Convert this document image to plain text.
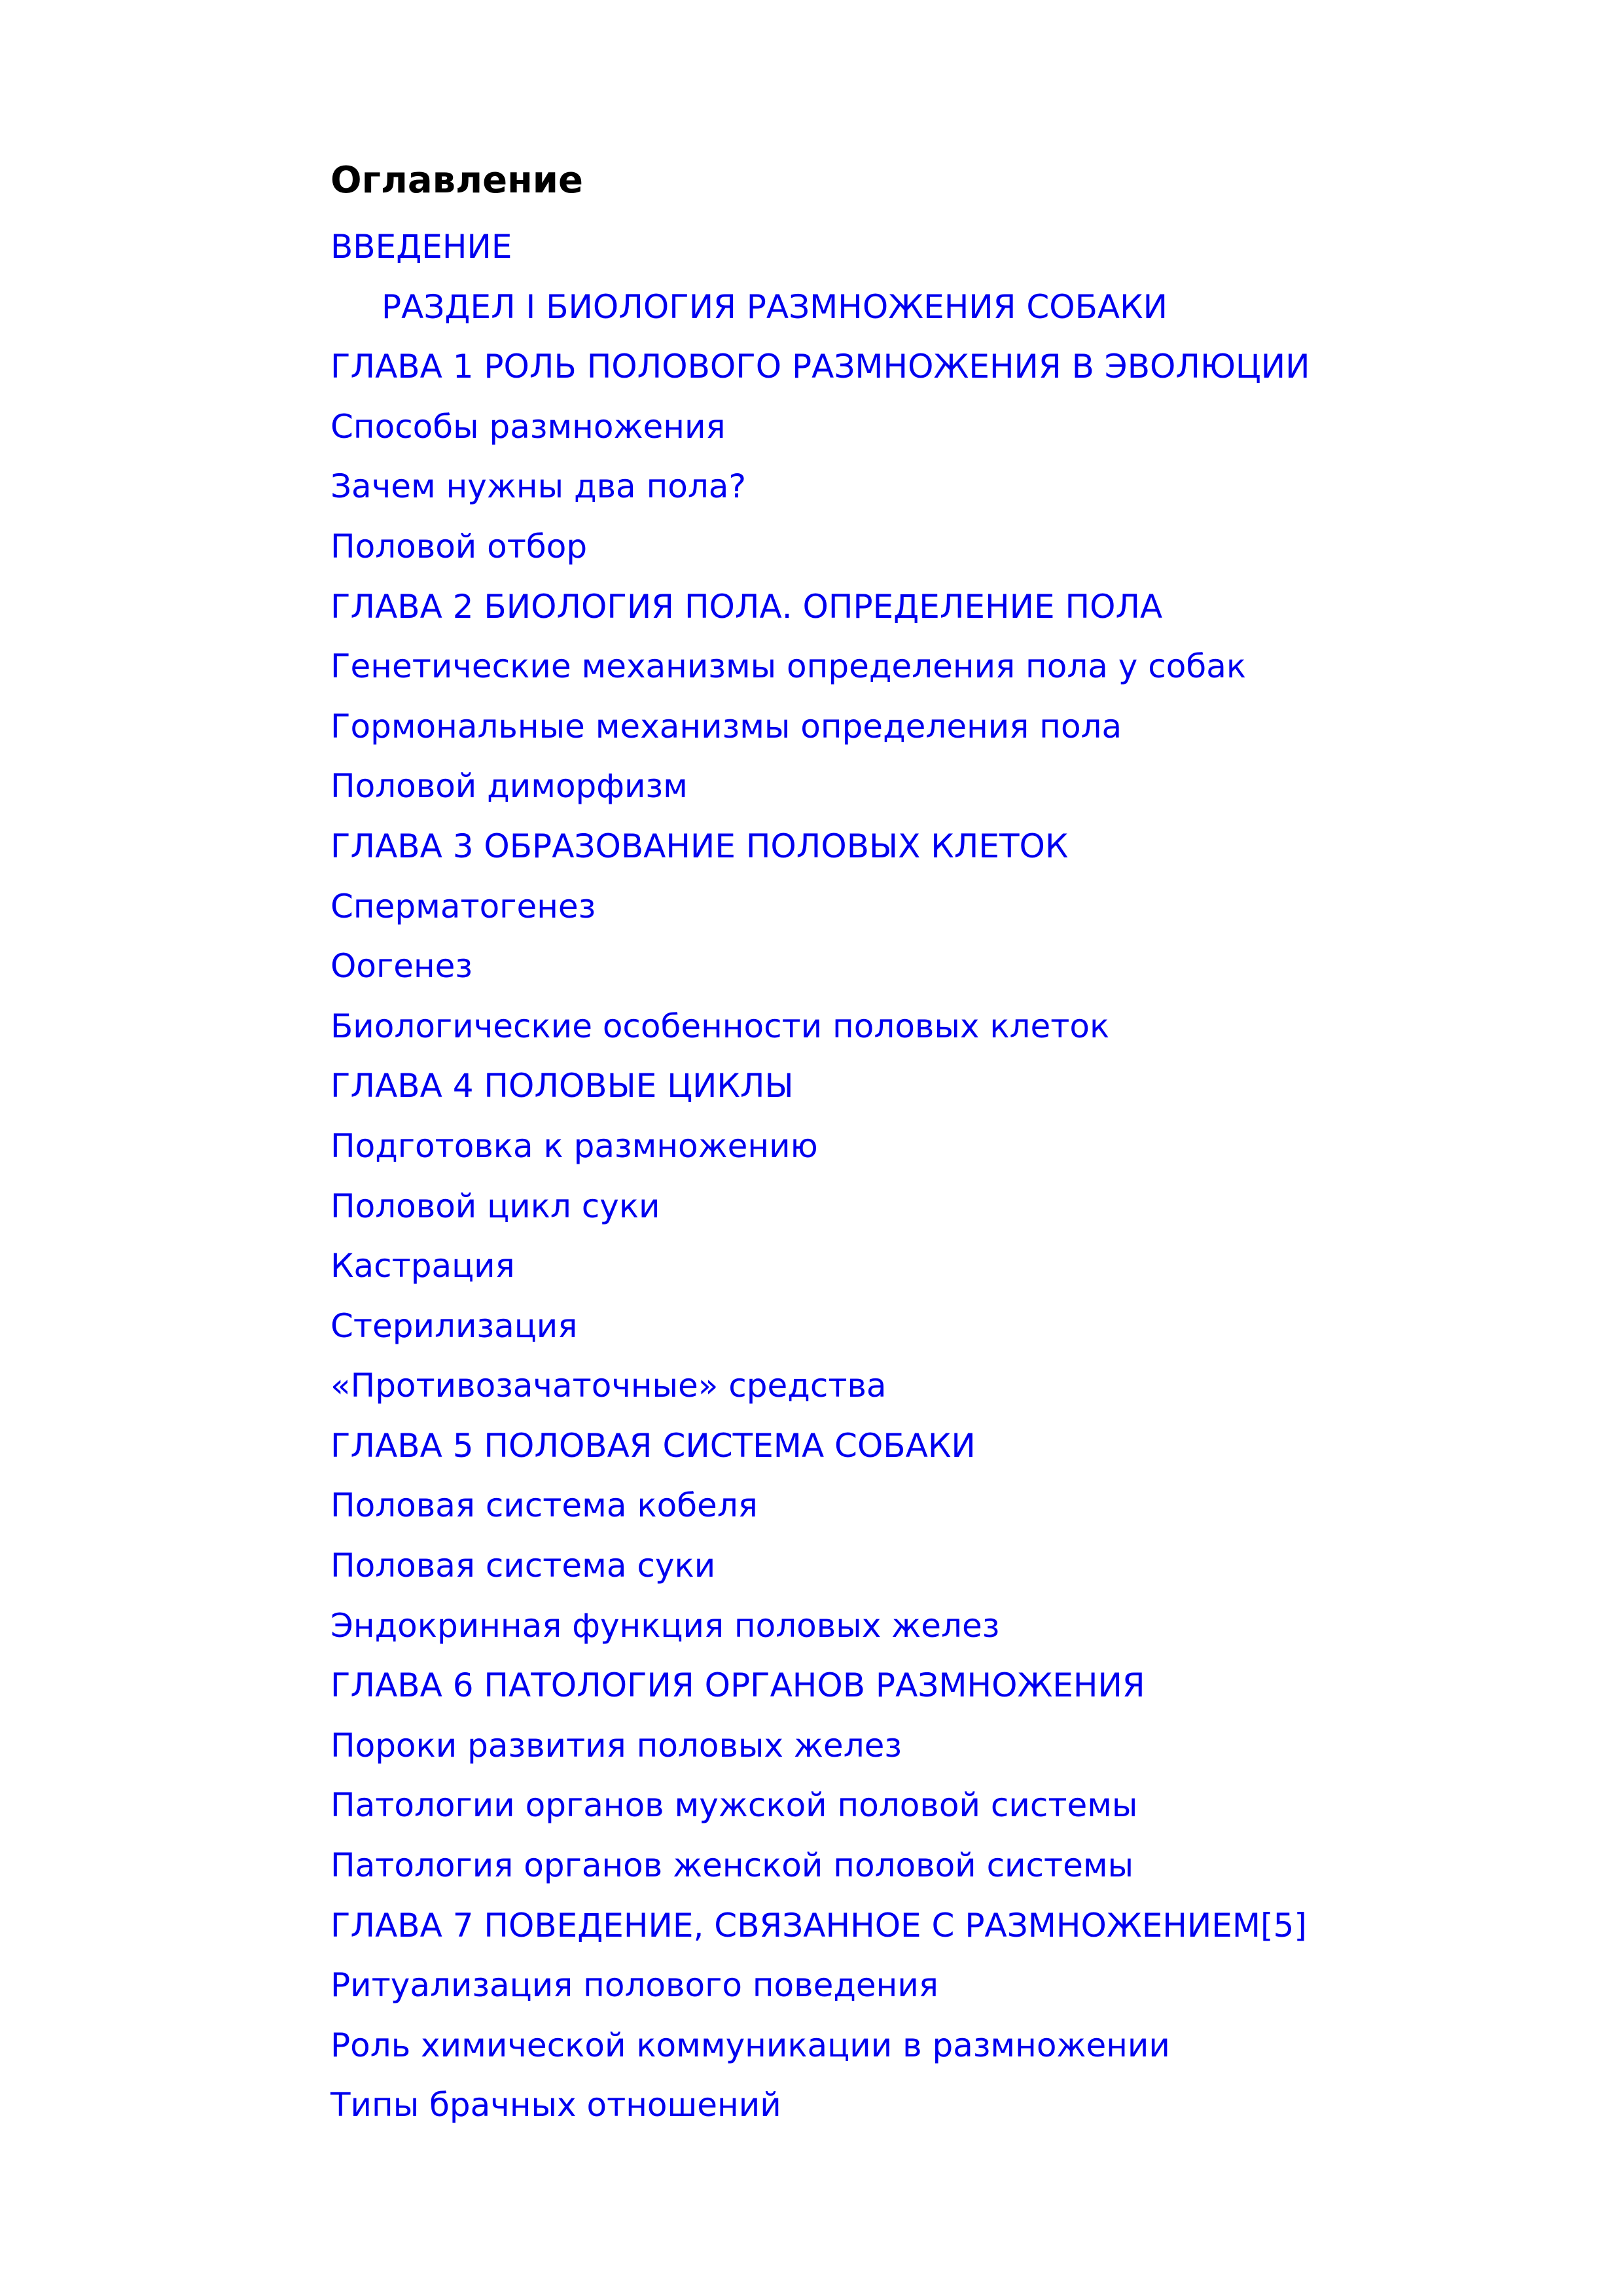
Оглавление
ВВЕДЕНИЕ
РАЗДЕЛ I БИОЛОГИЯ РАЗМНОЖЕНИЯ СОБАКИ
ГЛАВА 1 РОЛЬ ПОЛОВОГО РАЗМНОЖЕНИЯ В ЭВОЛЮЦИИ
Способы размножения
Зачем нужны два пола?
Половой отбор
ГЛАВА 2 БИОЛОГИЯ ПОЛА. ОПРЕДЕЛЕНИЕ ПОЛА
Генетические механизмы определения пола у собак
Гормональные механизмы определения пола
Половой диморфизм
ГЛАВА 3 ОБРАЗОВАНИЕ ПОЛОВЫХ КЛЕТОК
Сперматогенез
Оогенез
Биологические особенности половых клеток
ГЛАВА 4 ПОЛОВЫЕ ЦИКЛЫ
Подготовка к размножению
Половой цикл суки
Кастрация
Стерилизация
«Противозачаточные» средства
ГЛАВА 5 ПОЛОВАЯ СИСТЕМА СОБАКИ
Половая система кобеля
Половая система суки
Эндокринная функция половых желез
ГЛАВА 6 ПАТОЛОГИЯ ОРГАНОВ РАЗМНОЖЕНИЯ
Пороки развития половых желез
Патологии органов мужской половой системы
Патология органов женской половой системы
ГЛАВА 7 ПОВЕДЕНИЕ, СВЯЗАННОЕ С РАЗМНОЖЕНИЕМ[5]
Ритуализация полового поведения
Роль химической коммуникации в размножении
Типы брачных отношений
